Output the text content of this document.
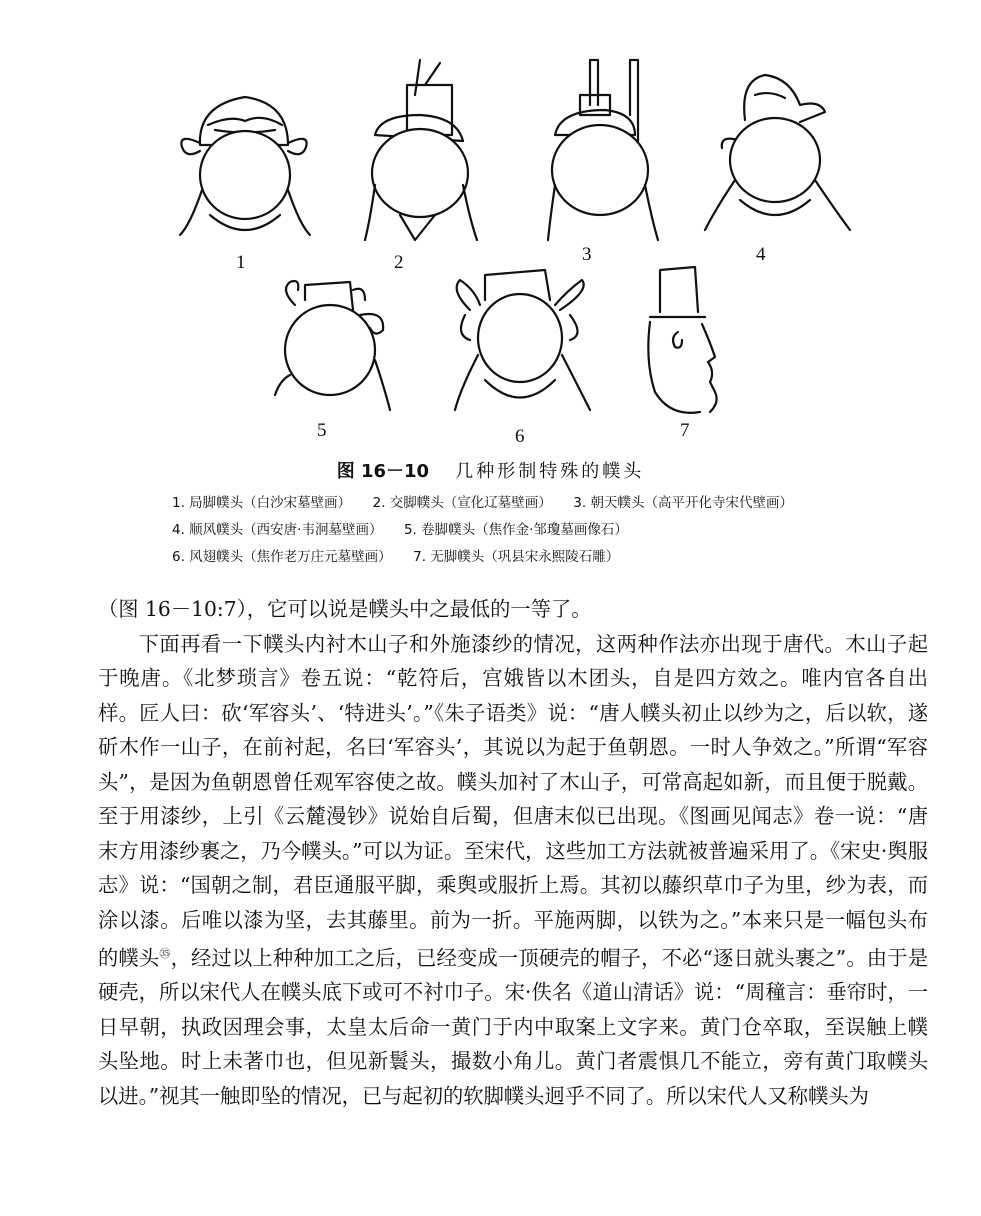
1	2	3	4
5	6	7
图 16－10 几种形制特殊的幞头
1. 局脚幞头（白沙宋墓壁画） 2. 交脚幞头（宣化辽墓壁画） 3. 朝天幞头（高平开化寺宋代壁画）     4. 顺风幞头（西安唐·韦泂墓壁画） 5. 卷脚幞头（焦作金·邹瓊墓画像石）     6. 风翅幞头（焦作老万庄元墓壁画） 7. 无脚幞头（巩县宋永熙陵石雕）

（图 16－10:7），它可以说是幞头中之最低的一等了。

下面再看一下幞头内衬木山子和外施漆纱的情况，这两种作法亦出现于唐代。木山子起于晚唐。《北梦琐言》卷五说：“乾符后，宫娥皆以木团头，自是四方效之。唯内官各自出样。匠人曰：砍‘军容头’、‘特进头’。”《朱子语类》说：“唐人幞头初止以纱为之，后以软，遂斫木作一山子，在前衬起，名曰‘军容头’，其说以为起于鱼朝恩。一时人争效之。”所谓“军容头”，是因为鱼朝恩曾任观军容使之故。幞头加衬了木山子，可常高起如新，而且便于脱戴。至于用漆纱，上引《云麓漫钞》说始自后蜀，但唐末似已出现。《图画见闻志》卷一说：“唐末方用漆纱裹之，乃今幞头。”可以为证。至宋代，这些加工方法就被普遍采用了。《宋史·舆服志》说：“国朝之制，君臣通服平脚，乘舆或服折上焉。其初以藤织草巾子为里，纱为表，而涂以漆。后唯以漆为坚，去其藤里。前为一折。平施两脚，以铁为之。”本来只是一幅包头布的幞头$^㉟$，经过以上种种加工之后，已经变成一顶硬壳的帽子，不必“逐日就头裹之”。由于是硬壳，所以宋代人在幞头底下或可不衬巾子。宋·佚名《道山清话》说：“周穜言：垂帘时，一日早朝，执政因理会事，太皇太后命一黄门于内中取案上文字来。黄门仓卒取，至误触上幞头坠地。时上未著巾也，但见新鬟头，撮数小角儿。黄门者震惧几不能立，旁有黄门取幞头以进。”视其一触即坠的情况，已与起初的软脚幞头迥乎不同了。所以宋代人又称幞头为
